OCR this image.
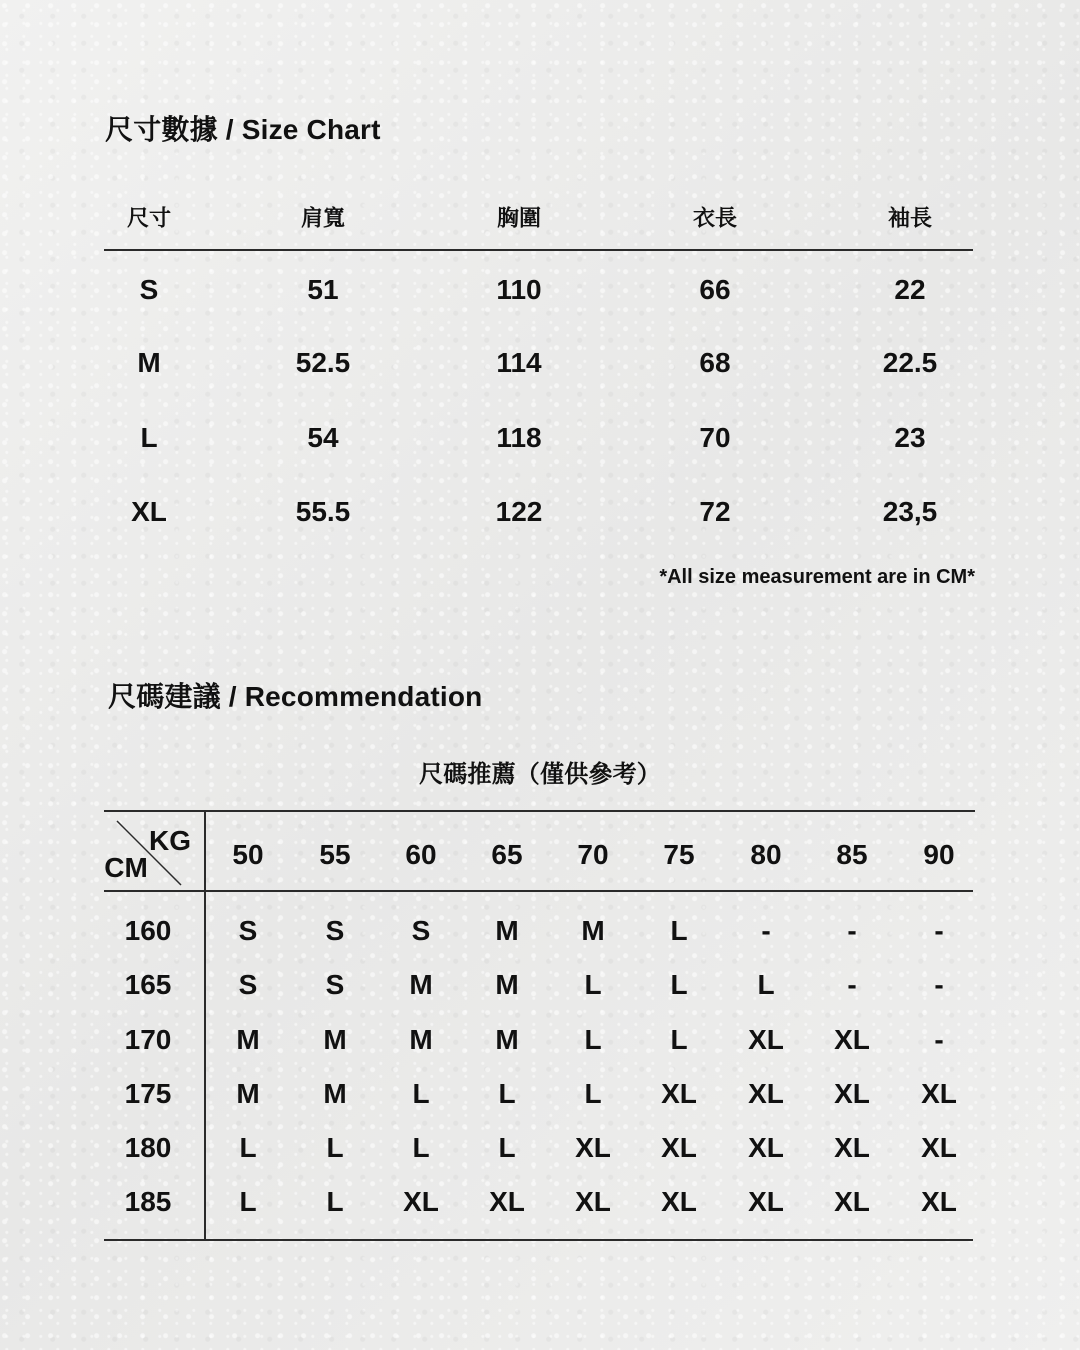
尺寸數據 / Size Chart
尺寸	肩寬	胸圍	衣長	袖長
S	51	110	66	22
M	52.5	114	68	22.5
L	54	118	70	23
XL	55.5	122	72	23,5
*All size measurement are in CM*
尺碼建議 / Recommendation
尺碼推薦（僅供參考）
KG
CM	50 55 60 65 70 75 80 85 90
160 S S S M M L	-	-	-
165 S S M M L L L	-	-
170 M M M M L L XL XL -
175 M M L L L XL XL XL XL
180 L L L L XL XL XL XL XL
185 L L XL XL XL XL XL XL XL
